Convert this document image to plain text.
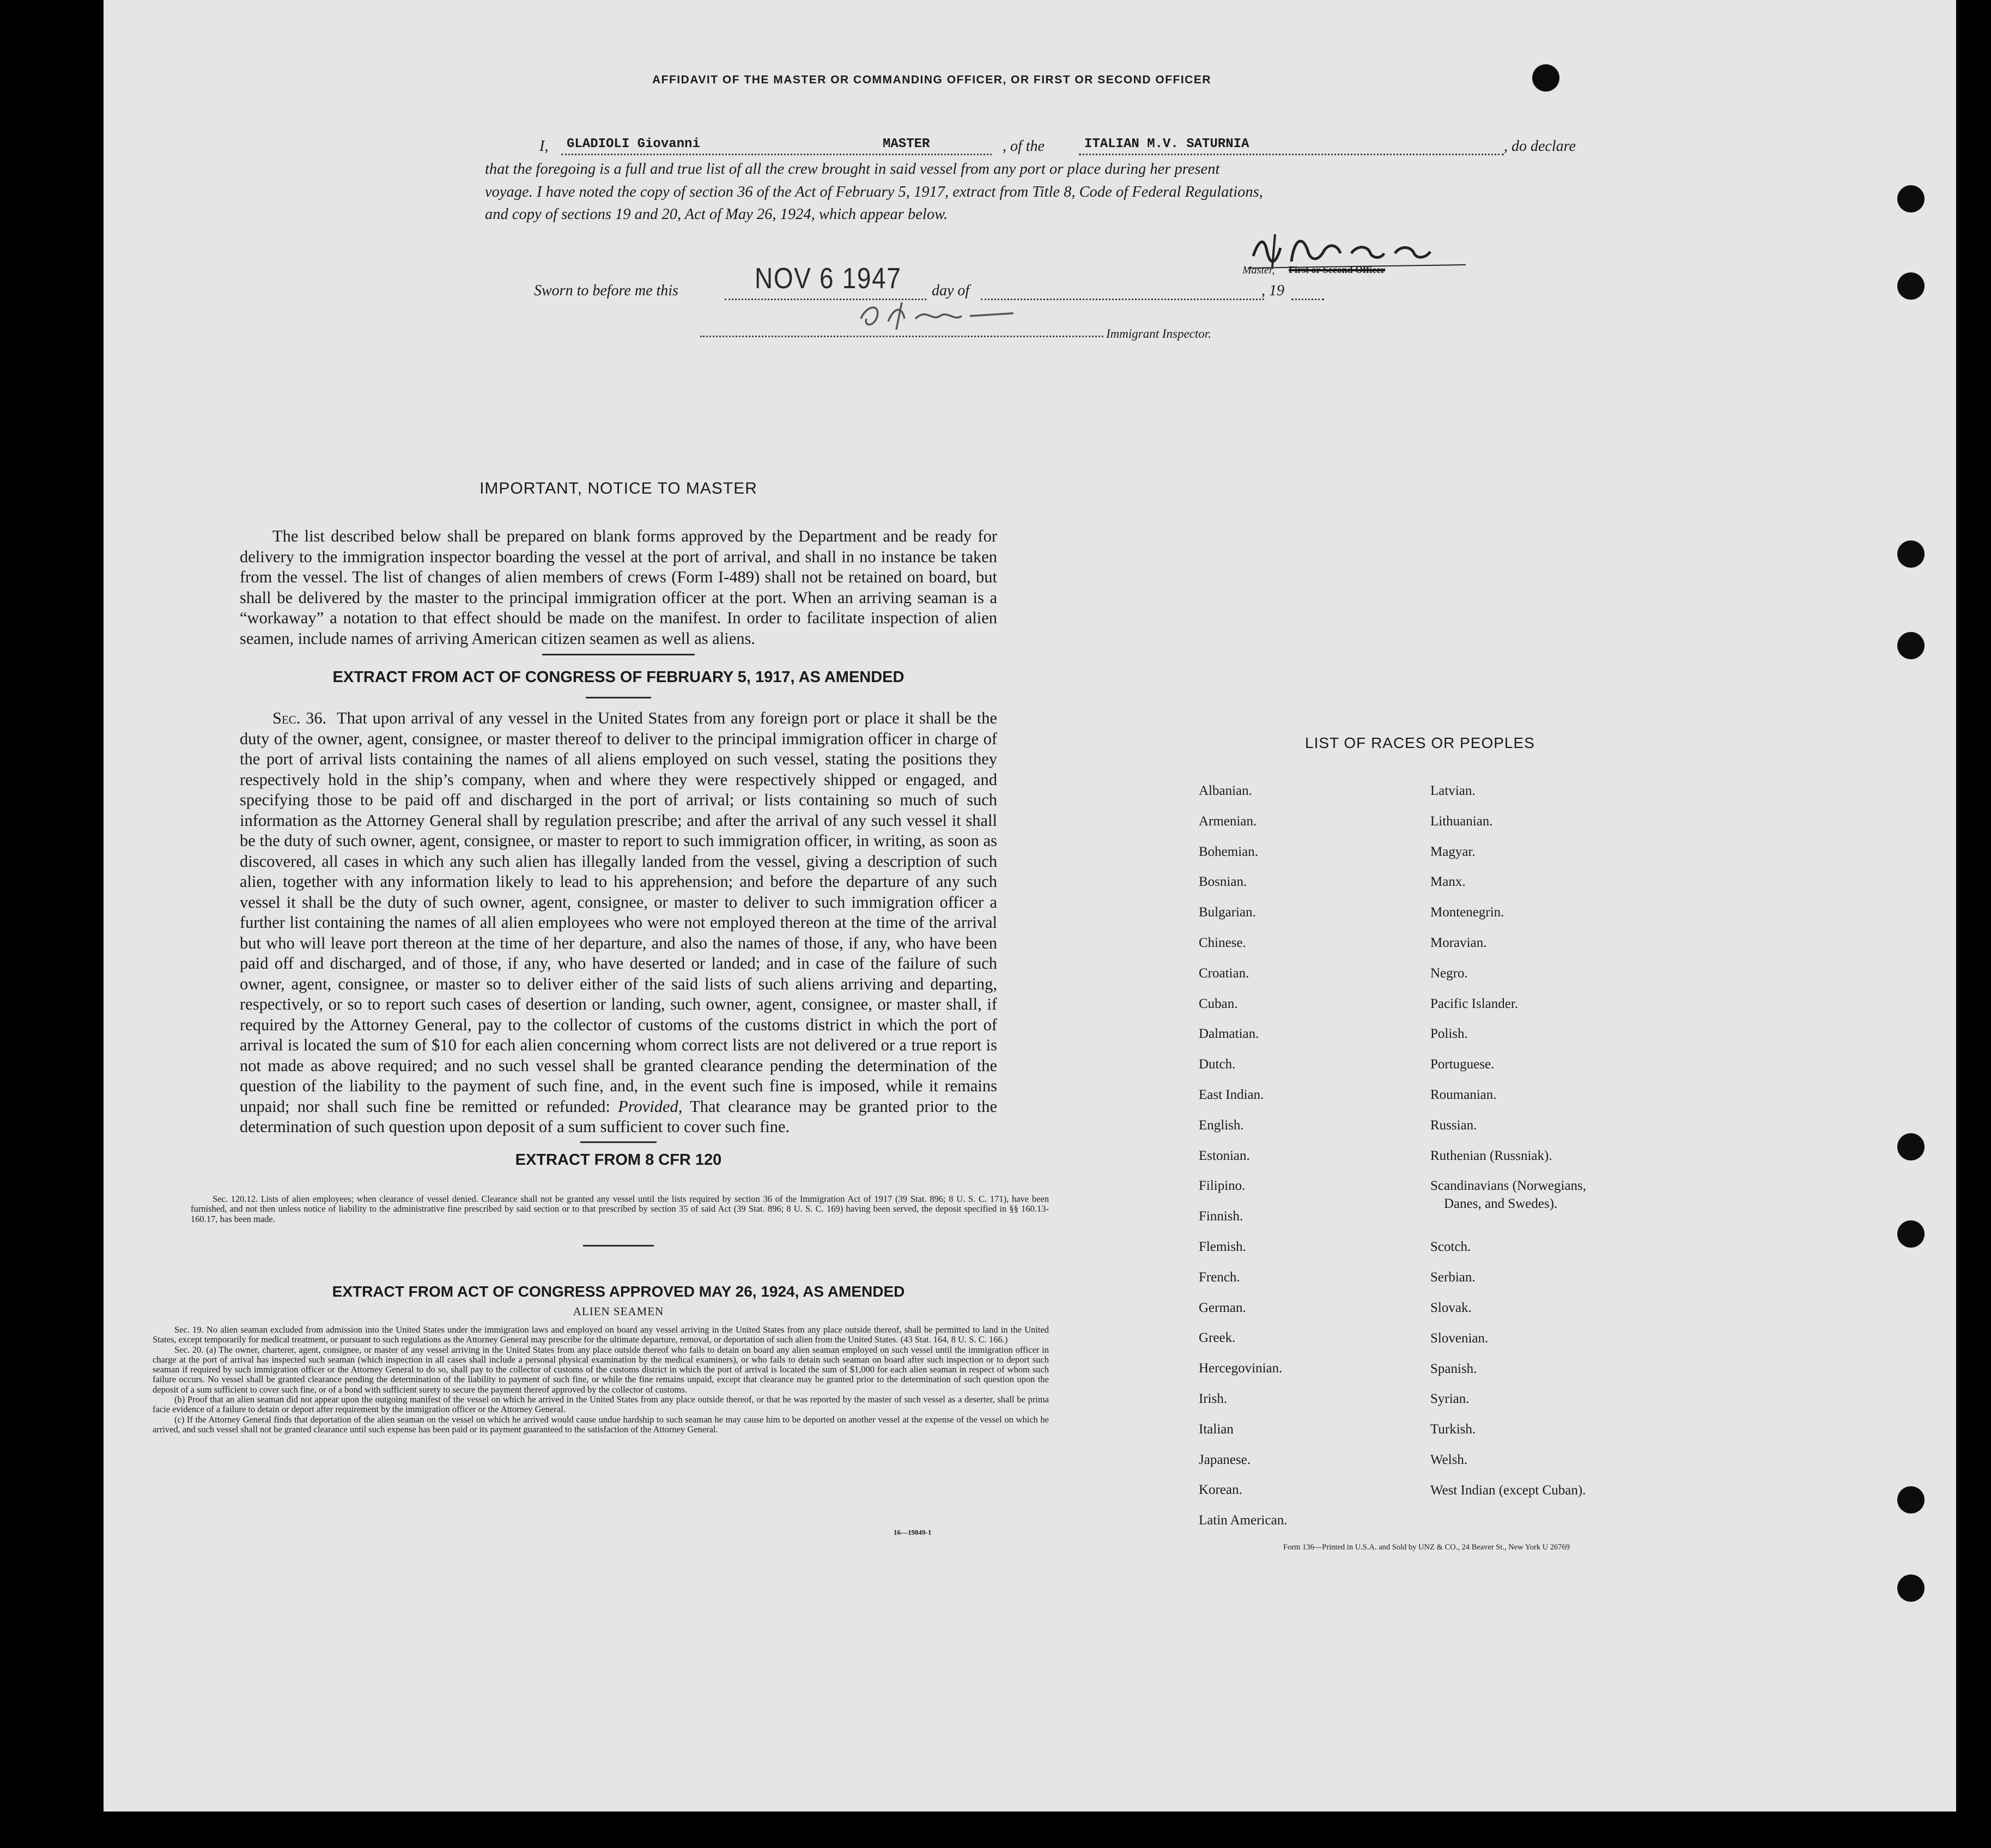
AFFIDAVIT OF THE MASTER OR COMMANDING OFFICER, OR FIRST OR SECOND OFFICER
I, GLADIOLI Giovanni	MASTER	, of the	ITALIAN M.V. SATURNIA	, do declare
that the foregoing is a full and true list of all the crew brought in said vessel from any port or place during her present
voyage. I have noted the copy of section 36 of the Act of February 5, 1917, extract from Title 8, Code of Federal Regulations,
and copy of sections 19 and 20, Act of May 26, 1924, which appear below.
Master, First or Second Officer
Sworn to before me this	NOV 6 1947 day of	, 19
Immigrant Inspector.
IMPORTANT, NOTICE TO MASTER
The list described below shall be prepared on blank forms approved by the Department and be ready for delivery to the immigration inspector boarding the vessel at the port of arrival, and shall in no instance be taken from the vessel. The list of changes of alien members of crews (Form I-489) shall not be retained on board, but shall be delivered by the master to the principal immigration officer at the port. When an arriving seaman is a “workaway” a notation to that effect should be made on the manifest. In order to facilitate inspection of alien seamen, include names of arriving American citizen seamen as well as aliens.
EXTRACT FROM ACT OF CONGRESS OF FEBRUARY 5, 1917, AS AMENDED
Sec. 36. That upon arrival of any vessel in the United States from any foreign port or place it shall be the duty of the owner, agent, consignee, or master thereof to deliver to the principal immigration officer in charge of the port of arrival lists containing the names of all aliens employed on such vessel, stating the positions they respectively hold in the ship’s company, when and where they were respectively shipped or engaged, and specifying those to be paid off and discharged in the port of arrival; or lists containing so much of such information as the Attorney General shall by regulation prescribe; and after the arrival of any such vessel it shall be the duty of such owner, agent, consignee, or master to report to such immigration officer, in writing, as soon as discovered, all cases in which any such alien has illegally landed from the vessel, giving a description of such alien, together with any information likely to lead to his apprehension; and before the departure of any such vessel it shall be the duty of such owner, agent, consignee, or master to deliver to such immigration officer a further list containing the names of all alien employees who were not employed thereon at the time of the arrival but who will leave port thereon at the time of her departure, and also the names of those, if any, who have been paid off and discharged, and of those, if any, who have deserted or landed; and in case of the failure of such owner, agent, consignee, or master so to deliver either of the said lists of such aliens arriving and departing, respectively, or so to report such cases of desertion or landing, such owner, agent, consignee, or master shall, if required by the Attorney General, pay to the collector of customs of the customs district in which the port of arrival is located the sum of $10 for each alien concerning whom correct lists are not delivered or a true report is not made as above required; and no such vessel shall be granted clearance pending the determination of the question of the liability to the payment of such fine, and, in the event such fine is imposed, while it remains unpaid; nor shall such fine be remitted or refunded: Provided, That clearance may be granted prior to the determination of such question upon deposit of a sum sufficient to cover such fine.
EXTRACT FROM 8 CFR 120
Sec. 120.12. Lists of alien employees; when clearance of vessel denied. Clearance shall not be granted any vessel until the lists required by section 36 of the Immigration Act of 1917 (39 Stat. 896; 8 U. S. C. 171), have been furnished, and not then unless notice of liability to the administrative fine prescribed by said section or to that prescribed by section 35 of said Act (39 Stat. 896; 8 U. S. C. 169) having been served, the deposit specified in §§ 160.13-160.17, has been made.
EXTRACT FROM ACT OF CONGRESS APPROVED MAY 26, 1924, AS AMENDED
ALIEN SEAMEN
Sec. 19. No alien seaman excluded from admission into the United States under the immigration laws and employed on board any vessel arriving in the United States from any place outside thereof, shall be permitted to land in the United States, except temporarily for medical treatment, or pursuant to such regulations as the Attorney General may prescribe for the ultimate departure, removal, or deportation of such alien from the United States. (43 Stat. 164, 8 U. S. C. 166.)
Sec. 20. (a) The owner, charterer, agent, consignee, or master of any vessel arriving in the United States from any place outside thereof who fails to detain on board any alien seaman employed on such vessel until the immigration officer in charge at the port of arrival has inspected such seaman (which inspection in all cases shall include a personal physical examination by the medical examiners), or who fails to detain such seaman on board after such inspection or to deport such seaman if required by such immigration officer or the Attorney General to do so, shall pay to the collector of customs of the customs district in which the port of arrival is located the sum of $1,000 for each alien seaman in respect of whom such failure occurs. No vessel shall be granted clearance pending the determination of the liability to payment of such fine, or while the fine remains unpaid, except that clearance may be granted prior to the determination of such question upon the deposit of a sum sufficient to cover such fine, or of a bond with sufficient surety to secure the payment thereof approved by the collector of customs.
(b) Proof that an alien seaman did not appear upon the outgoing manifest of the vessel on which he arrived in the United States from any place outside thereof, or that he was reported by the master of such vessel as a deserter, shall be prima facie evidence of a failure to detain or deport after requirement by the immigration officer or the Attorney General.
(c) If the Attorney General finds that deportation of the alien seaman on the vessel on which he arrived would cause undue hardship to such seaman he may cause him to be deported on another vessel at the expense of the vessel on which he arrived, and such vessel shall not be granted clearance until such expense has been paid or its payment guaranteed to the satisfaction of the Attorney General.
16—19849-1
LIST OF RACES OR PEOPLES
Form 136—Printed in U.S.A. and Sold by UNZ & CO., 24 Beaver St., New York U 26769
Albanian.
Armenian.
Bohemian.
Bosnian.
Bulgarian.
Chinese.
Croatian.
Cuban.
Dalmatian.
Dutch.
East Indian.
English.
Estonian.
Filipino.
Finnish.
Flemish.
French.
German.
Greek.
Hercegovinian.
Irish.
Italian
Japanese.
Korean.
Latin American.
Latvian.
Lithuanian.
Magyar.
Manx.
Montenegrin.
Moravian.
Negro.
Pacific Islander.
Polish.
Portuguese.
Roumanian.
Russian.
Ruthenian (Russniak).
Scandinavians (Norwegians,
Danes, and Swedes).
Scotch.
Serbian.
Slovak.
Slovenian.
Spanish.
Syrian.
Turkish.
Welsh.
West Indian (except Cuban).
